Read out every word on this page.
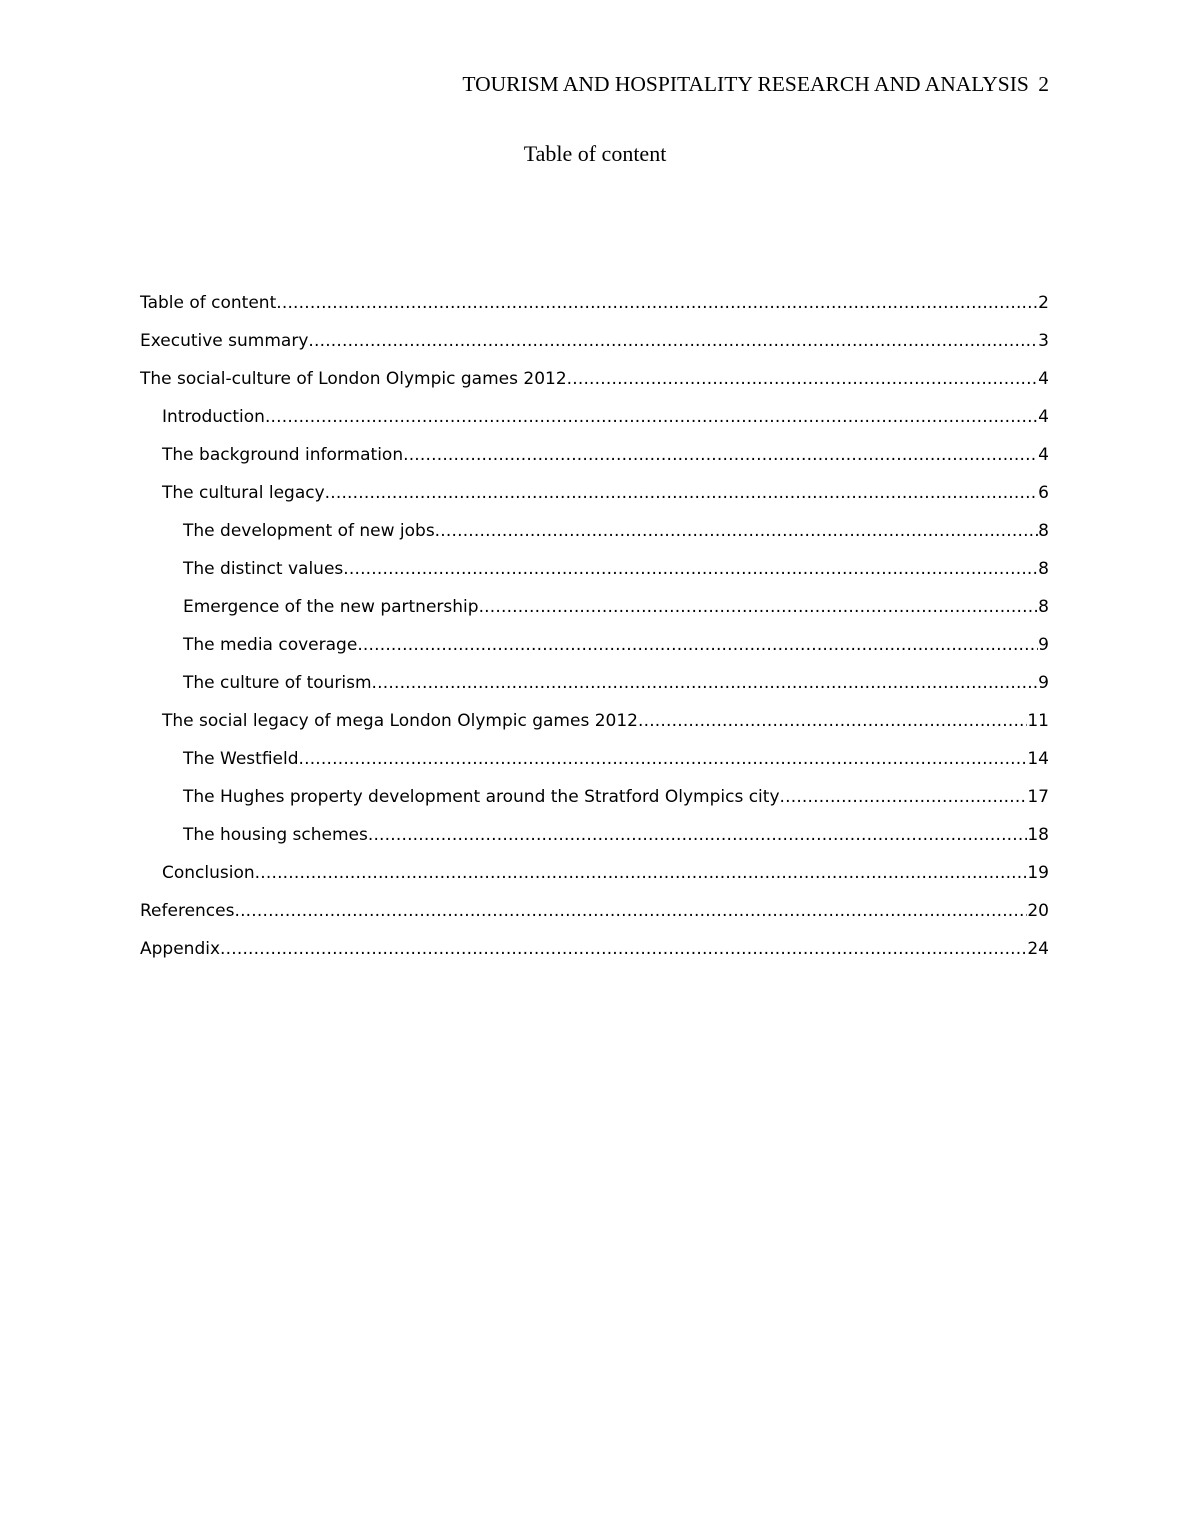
TOURISM AND HOSPITALITY RESEARCH AND ANALYSIS 2
Table of content
Table of content .....	2
Executive summary .....	3
The social-culture of London Olympic games 2012 .....	4
Introduction .....	4
The background information .....	4
The cultural legacy .....	6
The development of new jobs .....	8
The distinct values .....	8
Emergence of the new partnership .....	8
The media coverage .....	9
The culture of tourism .....	9
The social legacy of mega London Olympic games 2012 .....	11
The Westfield .....	14
The Hughes property development around the Stratford Olympics city .....	17
The housing schemes .....	18
Conclusion .....	19
References .....	20
Appendix .....	24
